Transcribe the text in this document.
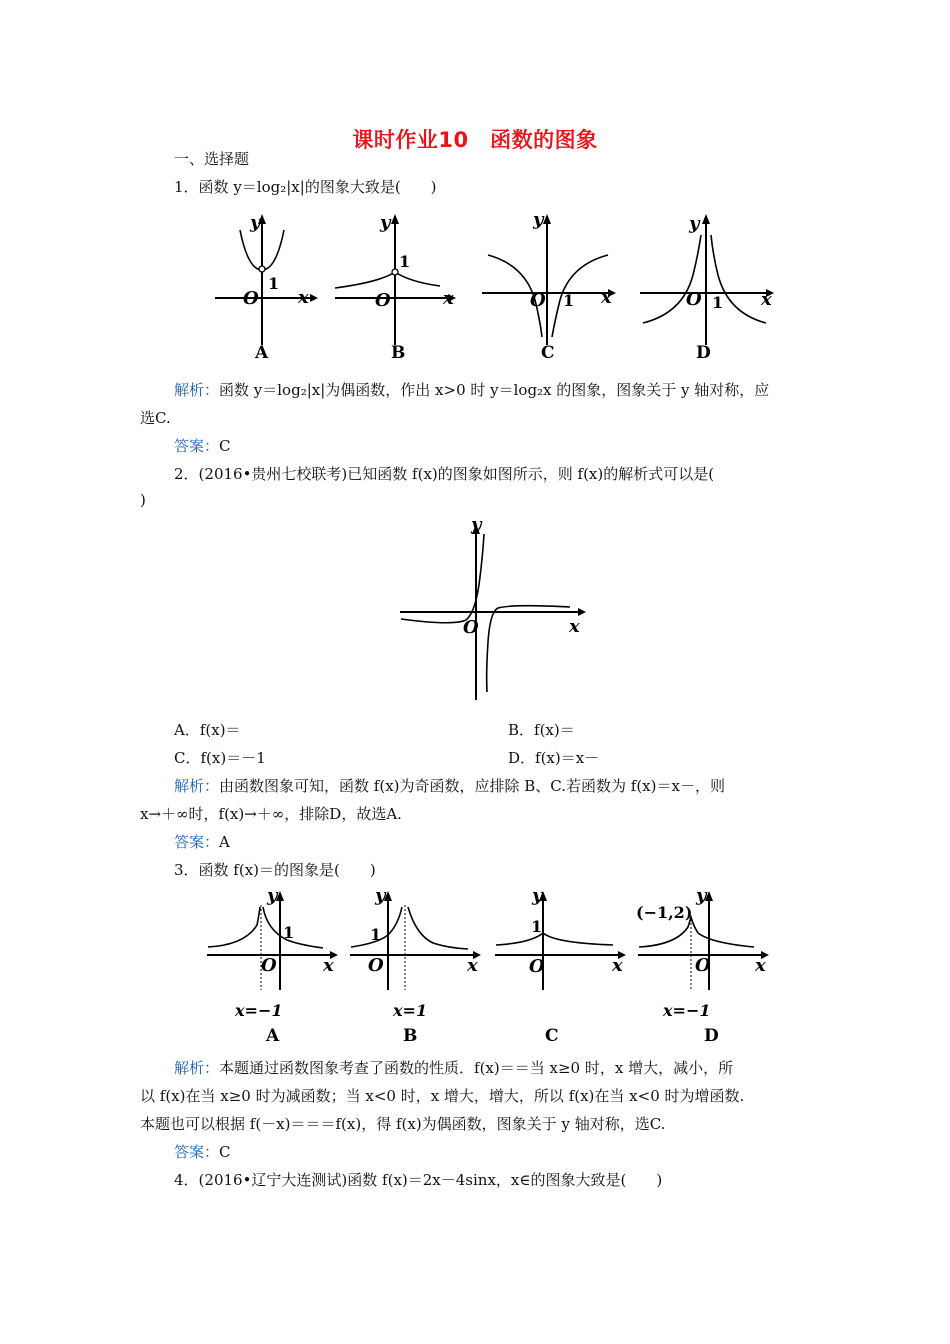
课时作业10　函数的图象
一、选择题
1．函数 y＝log₂|x|的图象大致是(　　)
1
O x
y
A
1
O	x
y
B
O 1 x
y
C
O 1 x
y
D
解析：函数 y＝log₂|x|为偶函数，作出 x>0 时 y＝log₂x 的图象，图象关于 y 轴对称，应
选C.
答案：C
2．(2016•贵州七校联考)已知函数 f(x)的图象如图所示，则 f(x)的解析式可以是(
)
O	x
y
A．f(x)＝	B．f(x)＝
C．f(x)＝－1	D．f(x)＝x－
解析：由函数图象可知，函数 f(x)为奇函数，应排除 B、C.若函数为 f(x)＝x－，则
x→＋∞时，f(x)→＋∞，排除D，故选A.
答案：A
3．函数 f(x)＝的图象是(　　)
1
O	x
y
x=−1
A
1
O	x
y
x=1
B
1
O	x
y
C
(−1,2)
O x
y
x=−1
D
解析：本题通过函数图象考查了函数的性质．f(x)＝＝当 x≥0 时，x 增大，减小，所
以 f(x)在当 x≥0 时为减函数；当 x<0 时，x 增大，增大，所以 f(x)在当 x<0 时为增函数.
本题也可以根据 f(－x)＝＝＝f(x)，得 f(x)为偶函数，图象关于 y 轴对称，选C.
答案：C
4．(2016•辽宁大连测试)函数 f(x)＝2x－4sinx，x∈的图象大致是(　　)
